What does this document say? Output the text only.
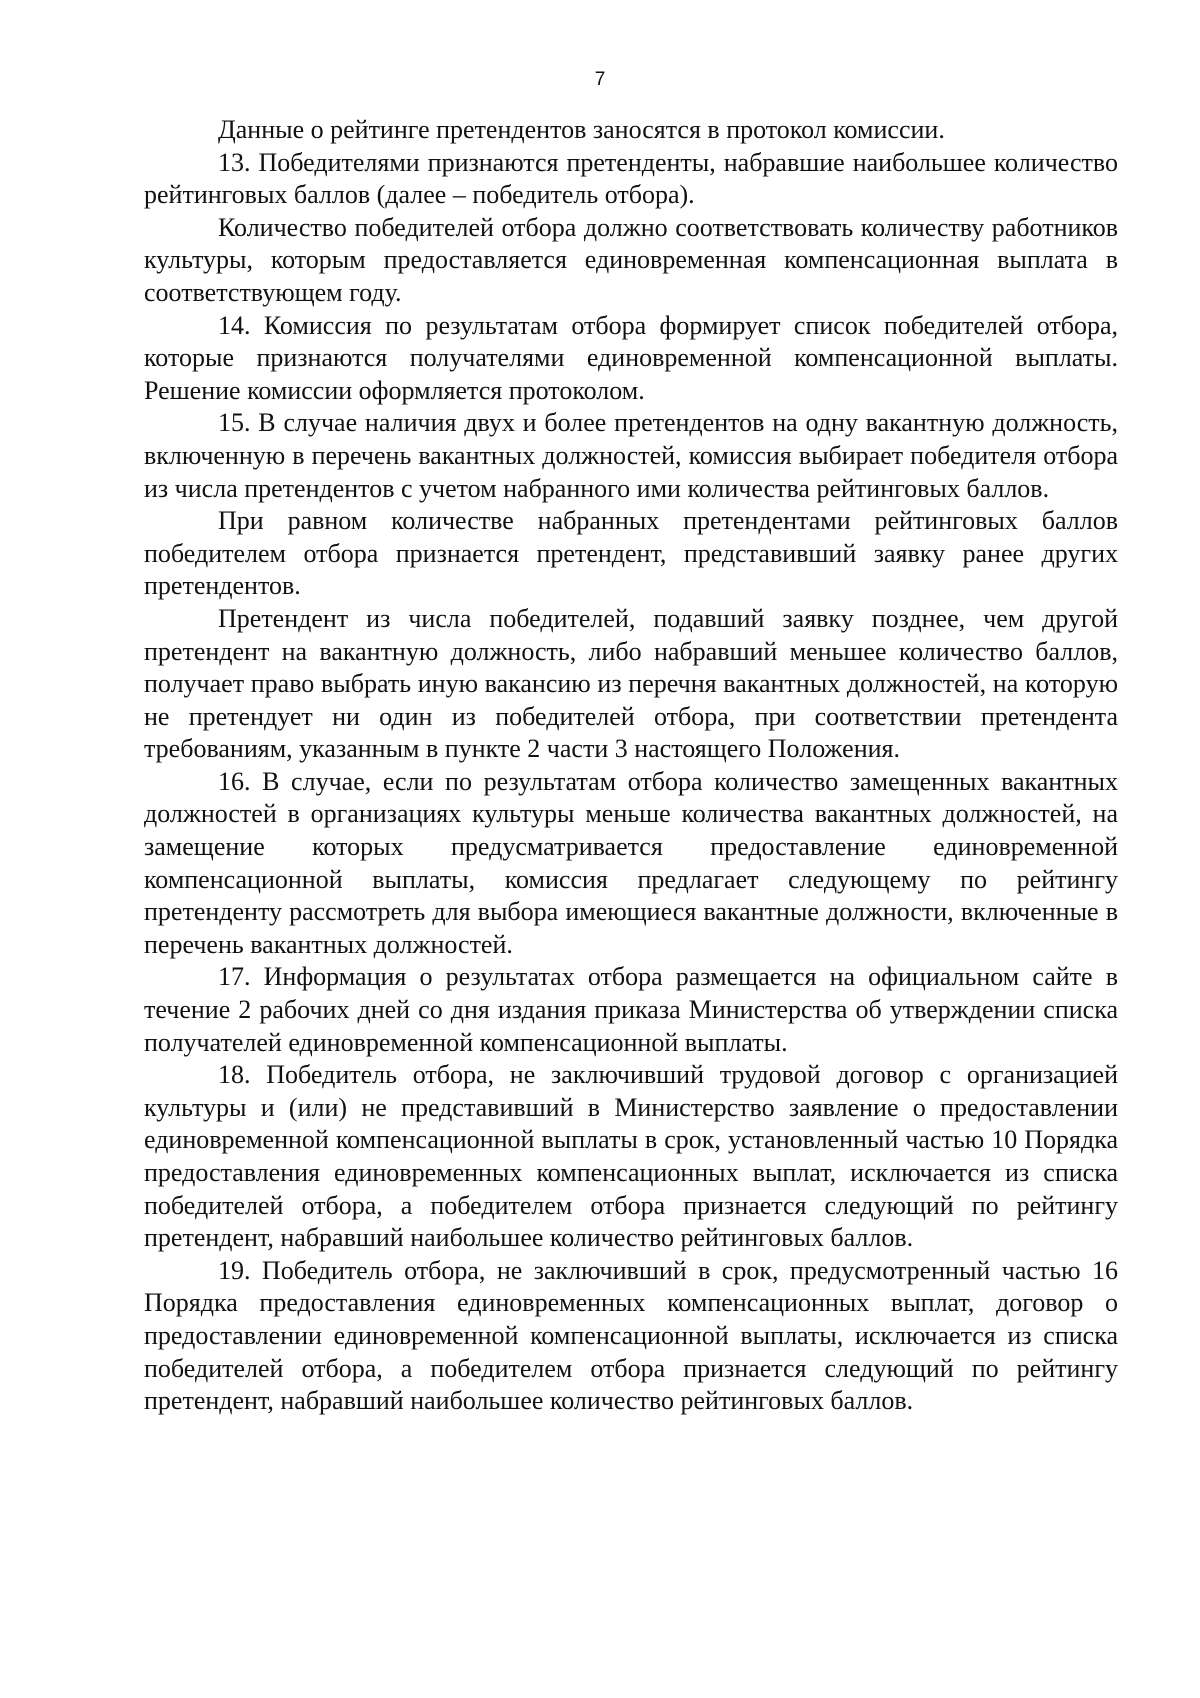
7

Данные о рейтинге претендентов заносятся в протокол комиссии.

13. Победителями признаются претенденты, набравшие наибольшее количество рейтинговых баллов (далее – победитель отбора).

Количество победителей отбора должно соответствовать количеству работников культуры, которым предоставляется единовременная компенсационная выплата в соответствующем году.

14. Комиссия по результатам отбора формирует список победителей отбора, которые признаются получателями единовременной компенсационной выплаты. Решение комиссии оформляется протоколом.

15. В случае наличия двух и более претендентов на одну вакантную должность, включенную в перечень вакантных должностей, комиссия выбирает победителя отбора из числа претендентов с учетом набранного ими количества рейтинговых баллов.

При равном количестве набранных претендентами рейтинговых баллов победителем отбора признается претендент, представивший заявку ранее других претендентов.

Претендент из числа победителей, подавший заявку позднее, чем другой претендент на вакантную должность, либо набравший меньшее количество баллов, получает право выбрать иную вакансию из перечня вакантных должностей, на которую не претендует ни один из победителей отбора, при соответствии претендента требованиям, указанным в пункте 2 части 3 настоящего Положения.

16. В случае, если по результатам отбора количество замещенных вакантных должностей в организациях культуры меньше количества вакантных должностей, на замещение которых предусматривается предоставление единовременной компенсационной выплаты, комиссия предлагает следующему по рейтингу претенденту рассмотреть для выбора имеющиеся вакантные должности, включенные в перечень вакантных должностей.

17. Информация о результатах отбора размещается на официальном сайте в течение 2 рабочих дней со дня издания приказа Министерства об утверждении списка получателей единовременной компенсационной выплаты.

18. Победитель отбора, не заключивший трудовой договор с организацией культуры и (или) не представивший в Министерство заявление о предоставлении единовременной компенсационной выплаты в срок, установленный частью 10 Порядка предоставления единовременных компенсационных выплат, исключается из списка победителей отбора, а победителем отбора признается следующий по рейтингу претендент, набравший наибольшее количество рейтинговых баллов.

19. Победитель отбора, не заключивший в срок, предусмотренный частью 16 Порядка предоставления единовременных компенсационных выплат, договор о предоставлении единовременной компенсационной выплаты, исключается из списка победителей отбора, а победителем отбора признается следующий по рейтингу претендент, набравший наибольшее количество рейтинговых баллов.
